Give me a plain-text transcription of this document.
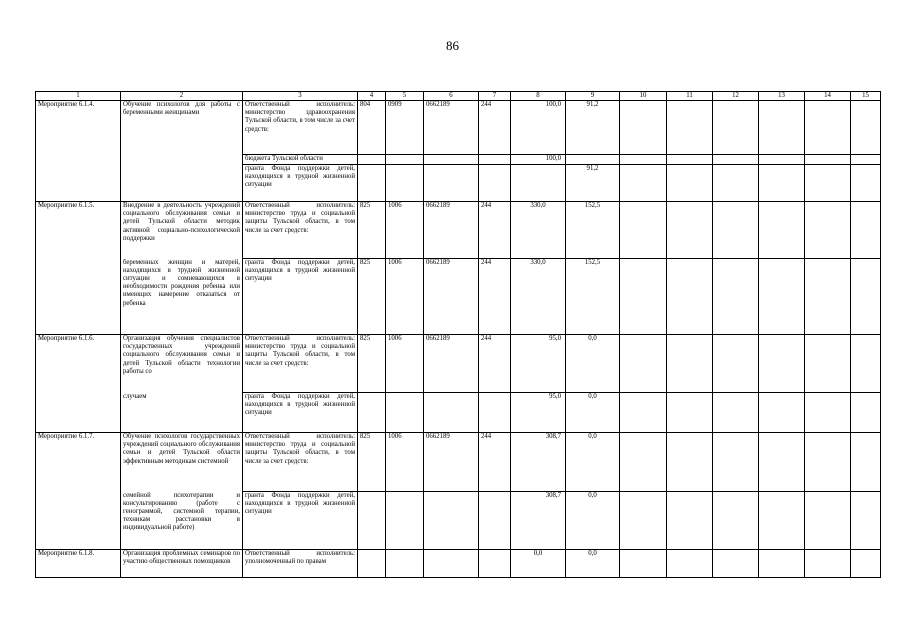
86
1	2	3	4	5	6	7	8	9	10	11	12	13	14	15
Мероприятие 6.1.4.	Обучение психологов для работы с беременными женщинами	Ответственный исполнитель: министерство здравоохранения Тульской области, в том числе за счет средств:	804	0909	0662189	244	100,0	91,2						
		бюджета Тульской области					100,0							
		гранта Фонда поддержки детей, находящихся в трудной жизненной ситуации						91,2						
Мероприятие 6.1.5.	Внедрение в деятельность учреждений социального обслуживания семьи и детей Тульской области методик активной социально-психологической поддержки	Ответственный исполнитель: министерство труда и социальной защиты Тульской области, в том числе за счет средств:	825	1006	0662189	244	330,0	152,5						
	беременных женщин и матерей, находящихся в трудной жизненной ситуации и сомневающихся в необходимости рождения ребенка или имеющих намерение отказаться от ребенка	гранта Фонда поддержки детей, находящихся в трудной жизненной ситуации	825	1006	0662189	244	330,0	152,5						
Мероприятие 6.1.6.	Организация обучения специалистов государственных учреждений социального обслуживания семьи и детей Тульской области технологии работы со	Ответственный исполнитель: министерство труда и социальной защиты Тульской области, в том числе за счет средств:	825	1006	0662189	244	95,0	0,0						
	случаем	гранта Фонда поддержки детей, находящихся в трудной жизненной ситуации					95,0	0,0						
Мероприятие 6.1.7.	Обучение психологов государственных учреждений социального обслуживания семьи и детей Тульской области эффективным методикам системной	Ответственный исполнитель: министерство труда и социальной защиты Тульской области, в том числе за счет средств:	825	1006	0662189	244	308,7	0,0						
	семейной психотерапии и консультированию (работе с генограммой, системной терапии, техникам расстановки в индивидуальной работе)	гранта Фонда поддержки детей, находящихся в трудной жизненной ситуации					308,7	0,0						
Мероприятие 6.1.8.	Организация проблемных семинаров по участию общественных помощников	Ответственный исполнитель: уполномоченный по правам					0,0	0,0						
